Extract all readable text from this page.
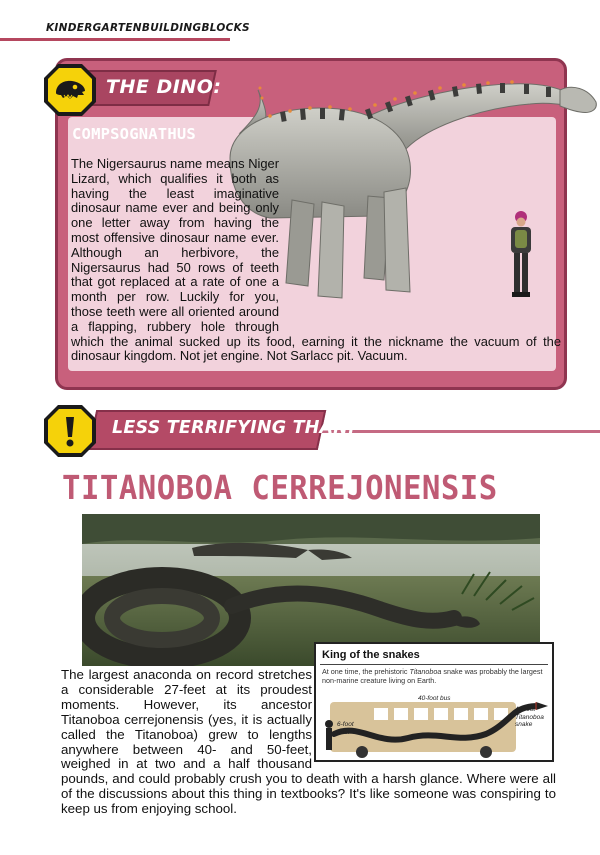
KINDERGARTENBUILDINGBLOCKS
THE DINO:
COMPSOGNATHUS
The Nigersaurus name means Niger Lizard, which qualifies it both as having the least imaginative dinosaur name ever and being only one letter away from having the most offensive dinosaur name ever. Although an herbivore, the Nigersaurus had 50 rows of teeth that got replaced at a rate of one a month per row. Luckily for you, those teeth were all oriented around a flapping, rubbery hole through which the animal sucked up its food, earning it the nickname the vacuum of the dinosaur kingdom. Not jet engine. Not Sarlacc pit. Vacuum.
LESS TERRIFYING THAN:
TITANOBOA CERREJONENSIS
King of the snakes
At one time, the prehistoric Titanoboa snake was probably the largest non-marine creature living on Earth.
40-foot bus
6-foot man
43-foot Titanoboa snake
The largest anaconda on record stretches a considerable 27-feet at its proudest moments. However, its ancestor Titanoboa cerrejonensis (yes, it is actually called the Titanoboa) grew to lengths anywhere between 40- and 50-feet, weighed in at two and a half thousand pounds, and could probably crush you to death with a harsh glance. Where were all of the discussions about this thing in textbooks? It's like someone was conspiring to keep us from enjoying school.
